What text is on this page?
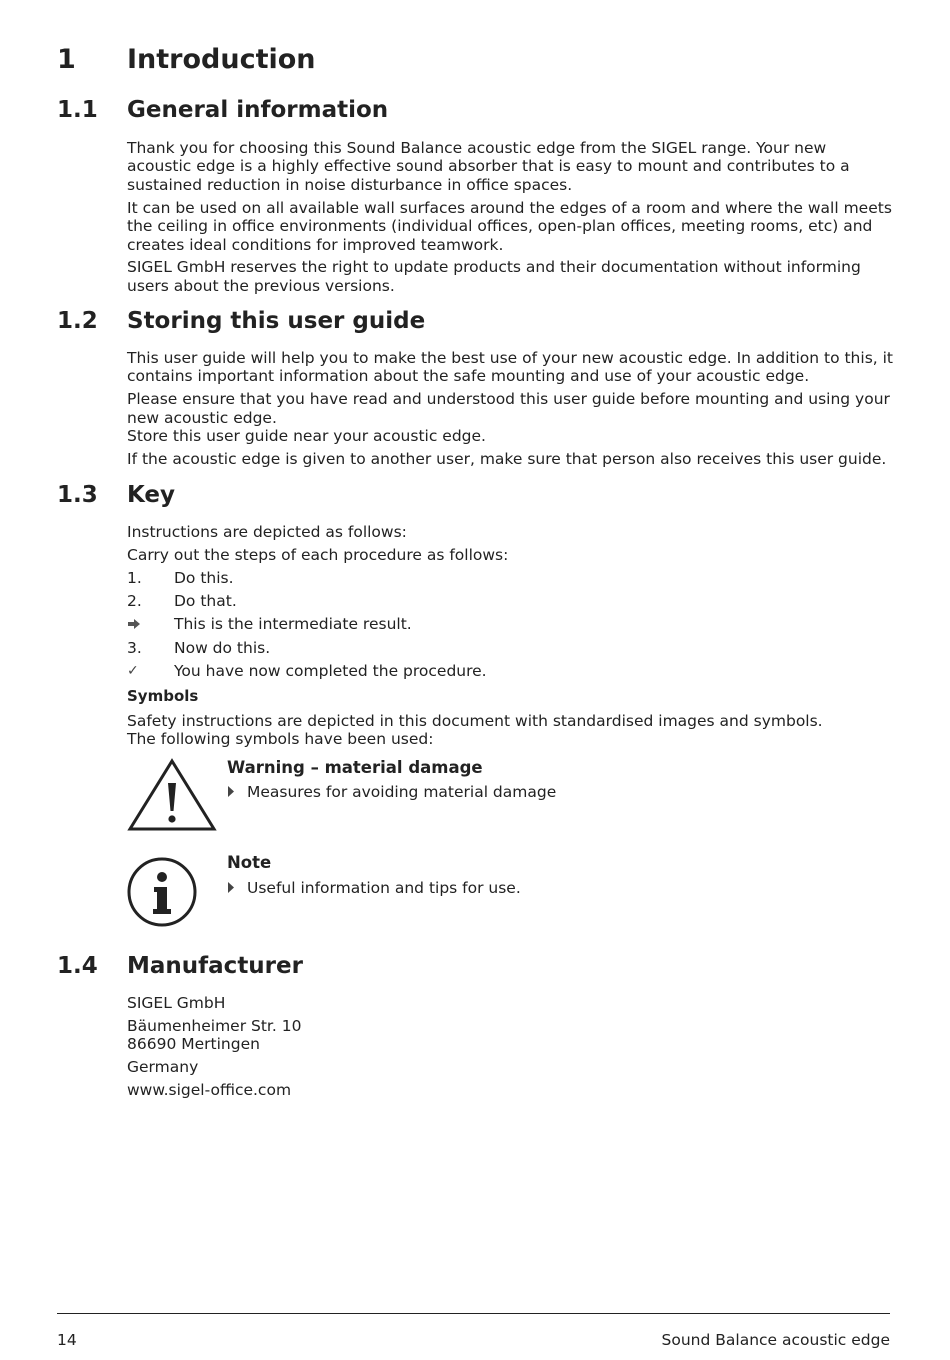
1 Introduction
1.1 General information

Thank you for choosing this Sound Balance acoustic edge from the SIGEL range. Your new acoustic edge is a highly effective sound absorber that is easy to mount and contributes to a sustained reduction in noise disturbance in office spaces.

It can be used on all available wall surfaces around the edges of a room and where the wall meets the ceiling in office environments (individual offices, open-plan offices, meeting rooms, etc) and creates ideal conditions for improved teamwork.

SIGEL GmbH reserves the right to update products and their documentation without informing users about the previous versions.

1.2 Storing this user guide

This user guide will help you to make the best use of your new acoustic edge. In addition to this, it contains important information about the safe mounting and use of your acoustic edge.

Please ensure that you have read and understood this user guide before mounting and using your new acoustic edge.

Store this user guide near your acoustic edge.

If the acoustic edge is given to another user, make sure that person also receives this user guide.

1.3 Key

Instructions are depicted as follows:

Carry out the steps of each procedure as follows:

1.	Do this.
2.	Do that.
This is the intermediate result.
3.	Now do this.
✓	You have now completed the procedure.
Symbols

Safety instructions are depicted in this document with standardised images and symbols.

The following symbols have been used:

Warning – material damage
Measures for avoiding material damage
Note
Useful information and tips for use.
1.4 Manufacturer

SIGEL GmbH

Bäumenheimer Str. 10

86690 Mertingen

Germany

www.sigel-office.com

14	Sound Balance acoustic edge
